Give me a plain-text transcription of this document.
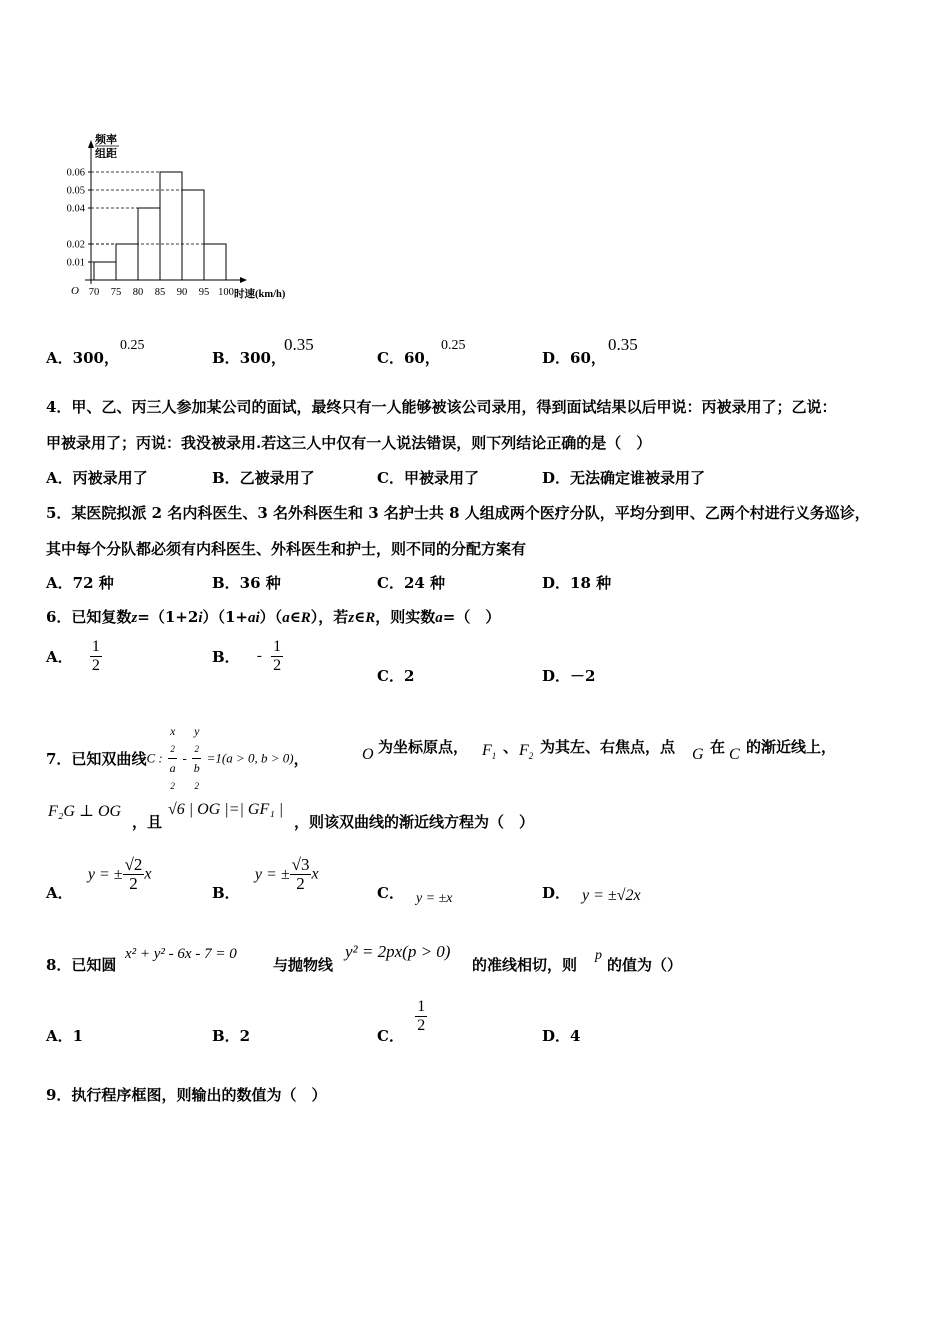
0.06
0.05
0.04
0.02
0.01
70 75 80 85 90 95 100
O	时速(km/h)
频率
组距
A．300，
0.25
B．300，
0.35
C．60，
0.25
D．60，
0.35
4．甲、乙、丙三人参加某公司的面试，最终只有一人能够被该公司录用，得到面试结果以后甲说：丙被录用了；乙说：
甲被录用了；丙说：我没被录用.若这三人中仅有一人说法错误，则下列结论正确的是（　）
A．丙被录用了	B．乙被录用了	C．甲被录用了	D．无法确定谁被录用了
5．某医院拟派 2 名内科医生、3 名外科医生和 3 名护士共 8 人组成两个医疗分队，平均分到甲、乙两个村进行义务巡诊，
其中每个分队都必须有内科医生、外科医生和护士，则不同的分配方案有
A．72 种	B．36 种	C．24 种	D．18 种
6．已知复数z=（1+2i）（1+ai）（a∈R），若z∈R，则实数a=（　）
A． $\frac{1}{2}$	B． - $\frac{1}{2}$
C．2	D．－2
7．已知双曲线C : x
2
a
2 - y
2
b
2 =1(a > 0, b > 0)，	O 为坐标原点， $F_1$
、 $F_2$
为其左、右焦点，点 G 在 C 的渐近线上，
F₂G ⊥ OG
，且
√6 | OG |=| GF₁ |
，则该双曲线的渐近线方程为（　）
A． y = ± $\frac{√2}{2}$ x
B． y = ± $\frac{√3}{2}$ x
C． y = ±x	D． y = ±√2x
8．已知圆
x² + y² - 6x - 7 = 0
与抛物线
y² = 2px(p > 0)
的准线相切，则
p
的值为（）
A．1	B．2	C．
$\frac{1}{2}$
D．4
9．执行程序框图，则输出的数值为（　）
